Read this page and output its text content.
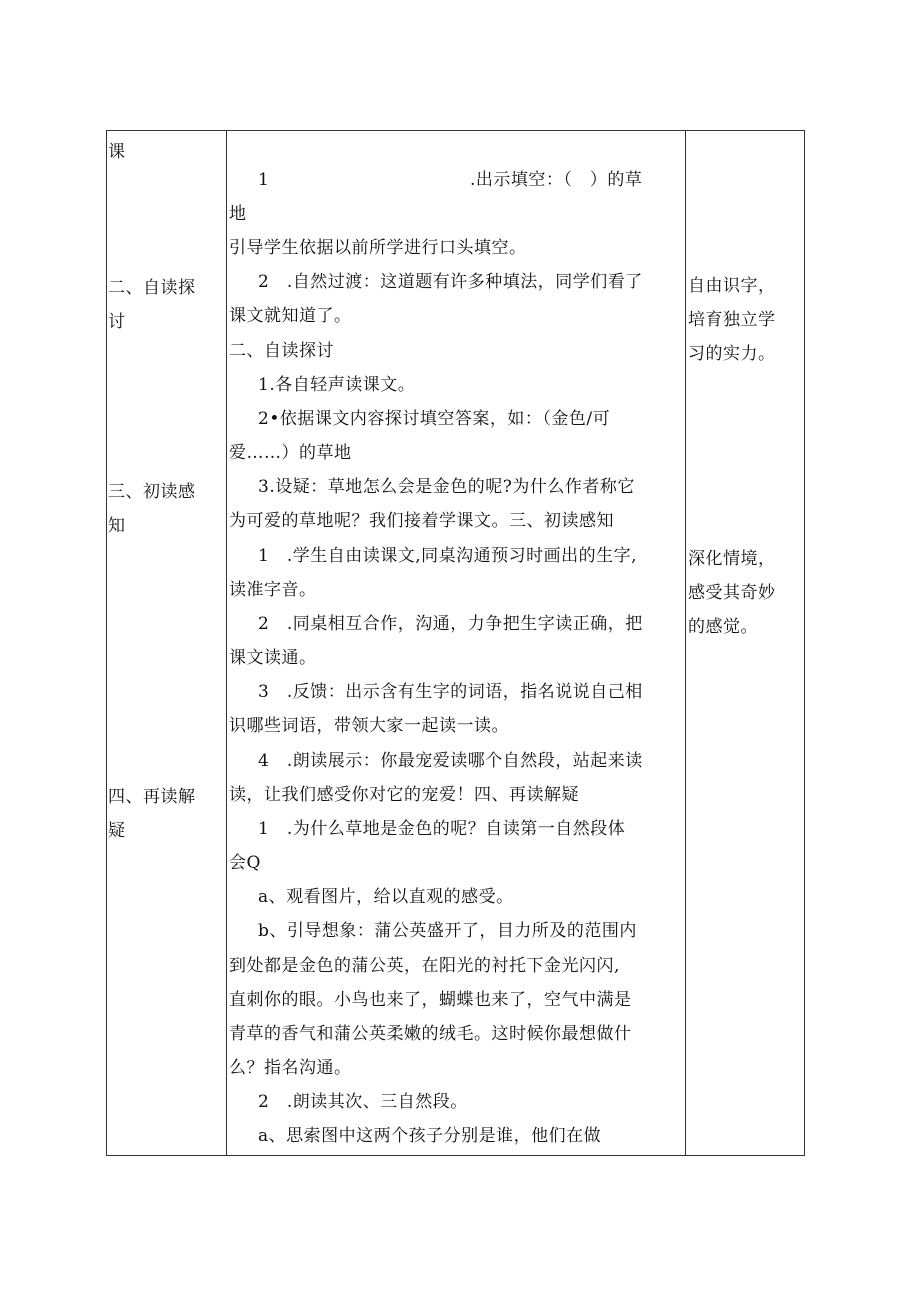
课
二、自读探
讨
三、初读感
知
四、再读解
疑
1	.出示填空：（　）的草
地
引导学生依据以前所学进行口头填空。
2　.自然过渡：这道题有许多种填法，同学们看了
课文就知道了。
二、自读探讨
1.各自轻声读课文。
2•依据课文内容探讨填空答案，如：（金色/可
爱……）的草地
3.设疑：草地怎么会是金色的呢?为什么作者称它
为可爱的草地呢？我们接着学课文。三、初读感知
1　.学生自由读课文,同桌沟通预习时画出的生字,
读准字音。
2　.同桌相互合作，沟通，力争把生字读正确，把
课文读通。
3　.反馈：出示含有生字的词语，指名说说自己相
识哪些词语，带领大家一起读一读。
4　.朗读展示：你最宠爱读哪个自然段，站起来读
读，让我们感受你对它的宠爱！四、再读解疑
1　.为什么草地是金色的呢？自读第一自然段体
会Q
a、观看图片，给以直观的感受。
b、引导想象：蒲公英盛开了，目力所及的范围内
到处都是金色的蒲公英，在阳光的衬托下金光闪闪,
直刺你的眼。小鸟也来了，蝴蝶也来了，空气中满是
青草的香气和蒲公英柔嫩的绒毛。这时候你最想做什
么？指名沟通。
2　.朗读其次、三自然段。
a、思索图中这两个孩子分别是谁，他们在做
自由识字，
培育独立学
习的实力。
深化情境，
感受其奇妙
的感觉。
